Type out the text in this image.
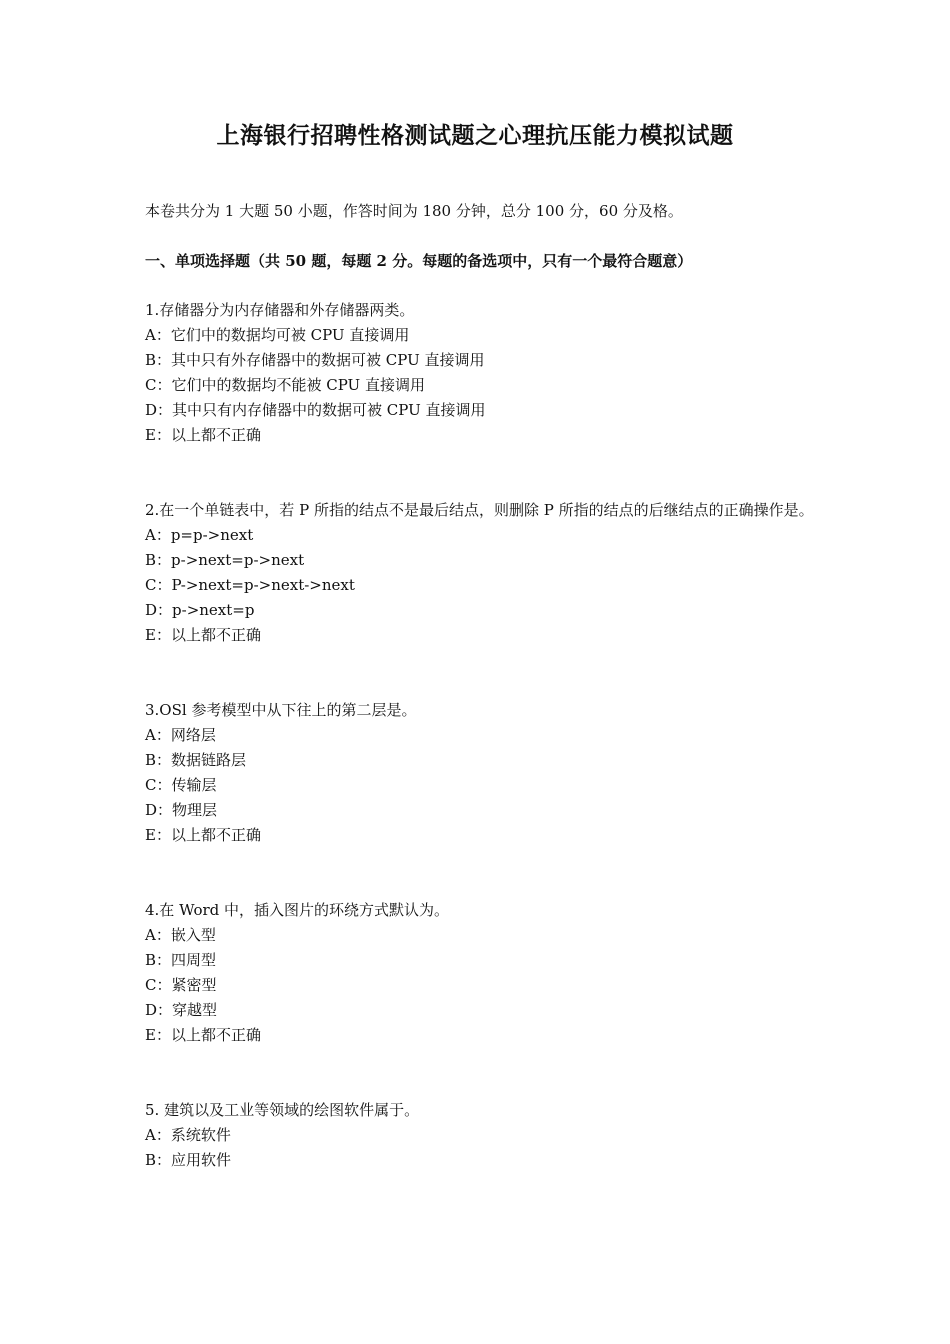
上海银行招聘性格测试题之心理抗压能力模拟试题
本卷共分为 1 大题 50 小题，作答时间为 180 分钟，总分 100 分，60 分及格。
一、单项选择题（共 50 题，每题 2 分。每题的备选项中，只有一个最符合题意）
1.存储器分为内存储器和外存储器两类。
A：它们中的数据均可被 CPU 直接调用
B：其中只有外存储器中的数据可被 CPU 直接调用
C：它们中的数据均不能被 CPU 直接调用
D：其中只有内存储器中的数据可被 CPU 直接调用
E：以上都不正确
2.在一个单链表中，若 P 所指的结点不是最后结点，则删除 P 所指的结点的后继结点的正确操作是。
A：p=p->next
B：p->next=p->next
C：P->next=p->next->next
D：p->next=p
E：以上都不正确
3.OSl 参考模型中从下往上的第二层是。
A：网络层
B：数据链路层
C：传输层
D：物理层
E：以上都不正确
4.在 Word 中，插入图片的环绕方式默认为。
A：嵌入型
B：四周型
C：紧密型
D：穿越型
E：以上都不正确
5. 建筑以及工业等领域的绘图软件属于。
A：系统软件
B：应用软件
